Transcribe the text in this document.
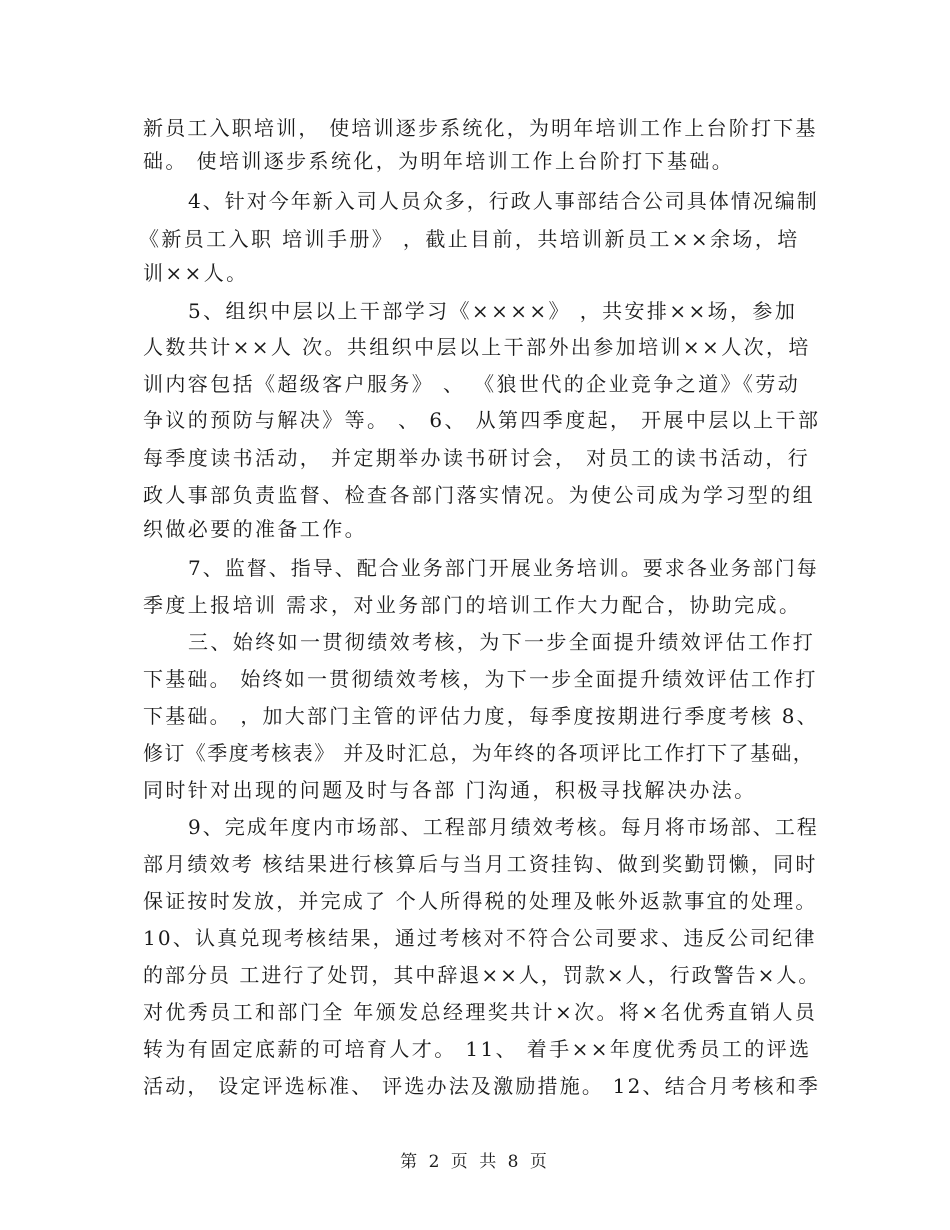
新员工入职培训， 使培训逐步系统化，为明年培训工作上台阶打下基
础。 使培训逐步系统化，为明年培训工作上台阶打下基础。
4、针对今年新入司人员众多，行政人事部结合公司具体情况编制
《新员工入职 培训手册》 ，截止目前，共培训新员工××余场，培
训××人。
5、组织中层以上干部学习《××××》 ，共安排××场，参加
人数共计××人 次。共组织中层以上干部外出参加培训××人次，培
训内容包括《超级客户服务》 、 《狼世代的企业竞争之道》《劳动
争议的预防与解决》等。 、 6、 从第四季度起， 开展中层以上干部
每季度读书活动， 并定期举办读书研讨会， 对员工的读书活动，行
政人事部负责监督、检查各部门落实情况。为使公司成为学习型的组
织做必要的准备工作。
7、监督、指导、配合业务部门开展业务培训。要求各业务部门每
季度上报培训 需求，对业务部门的培训工作大力配合，协助完成。
三、始终如一贯彻绩效考核，为下一步全面提升绩效评估工作打
下基础。 始终如一贯彻绩效考核，为下一步全面提升绩效评估工作打
下基础。 ，加大部门主管的评估力度，每季度按期进行季度考核 8、
修订《季度考核表》 并及时汇总，为年终的各项评比工作打下了基础，
同时针对出现的问题及时与各部 门沟通，积极寻找解决办法。
9、完成年度内市场部、工程部月绩效考核。每月将市场部、工程
部月绩效考 核结果进行核算后与当月工资挂钩、做到奖勤罚懒，同时
保证按时发放，并完成了 个人所得税的处理及帐外返款事宜的处理。
10、认真兑现考核结果，通过考核对不符合公司要求、违反公司纪律
的部分员 工进行了处罚，其中辞退××人，罚款×人，行政警告×人。
对优秀员工和部门全 年颁发总经理奖共计×次。将×名优秀直销人员
转为有固定底薪的可培育人才。 11、 着手××年度优秀员工的评选
活动， 设定评选标准、 评选办法及激励措施。 12、结合月考核和季
第 2 页 共 8 页
